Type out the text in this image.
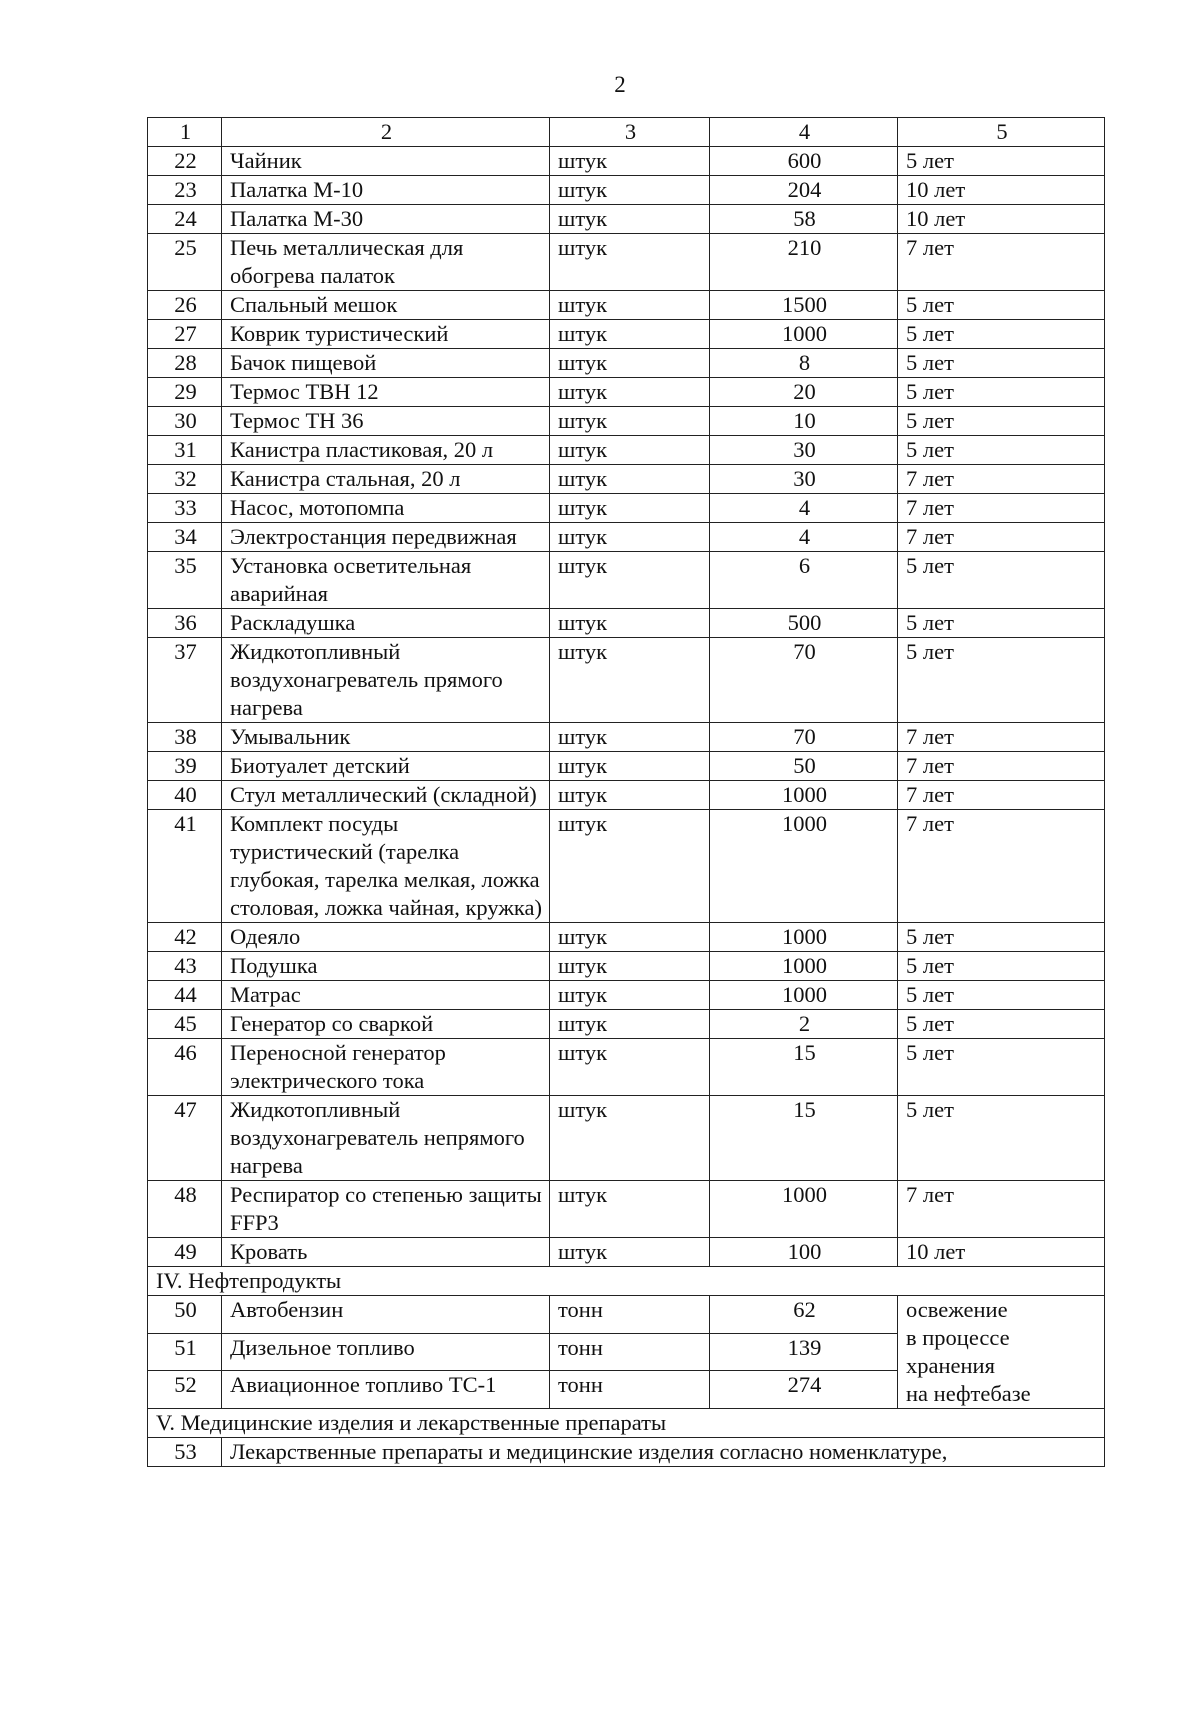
2
1	2	3	4	5
22	Чайник	штук	600	5 лет
23	Палатка М-10	штук	204	10 лет
24	Палатка М-30	штук	58	10 лет
25	Печь металлическая для обогрева палаток	штук	210	7 лет
26	Спальный мешок	штук	1500	5 лет
27	Коврик туристический	штук	1000	5 лет
28	Бачок пищевой	штук	8	5 лет
29	Термос ТВН 12	штук	20	5 лет
30	Термос ТН 36	штук	10	5 лет
31	Канистра пластиковая, 20 л	штук	30	5 лет
32	Канистра стальная, 20 л	штук	30	7 лет
33	Насос, мотопомпа	штук	4	7 лет
34	Электростанция передвижная	штук	4	7 лет
35	Установка осветительная аварийная	штук	6	5 лет
36	Раскладушка	штук	500	5 лет
37	Жидкотопливный воздухонагреватель прямого нагрева	штук	70	5 лет
38	Умывальник	штук	70	7 лет
39	Биотуалет детский	штук	50	7 лет
40	Стул металлический (складной)	штук	1000	7 лет
41	Комплект посуды туристический (тарелка глубокая, тарелка мелкая, ложка столовая, ложка чайная, кружка)	штук	1000	7 лет
42	Одеяло	штук	1000	5 лет
43	Подушка	штук	1000	5 лет
44	Матрас	штук	1000	5 лет
45	Генератор со сваркой	штук	2	5 лет
46	Переносной генератор электрического тока	штук	15	5 лет
47	Жидкотопливный воздухонагреватель непрямого нагрева	штук	15	5 лет
48	Респиратор со степенью защиты FFP3	штук	1000	7 лет
49	Кровать	штук	100	10 лет
IV. Нефтепродукты				
50	Автобензин	тонн	62	освежение
в процессе
хранения
на нефтебазе

51	Дизельное топливо	тонн	139	
52	Авиационное топливо ТС-1	тонн	274	
V. Медицинские изделия и лекарственные препараты				
53	Лекарственные препараты и медицинские изделия согласно номенклатуре,			
